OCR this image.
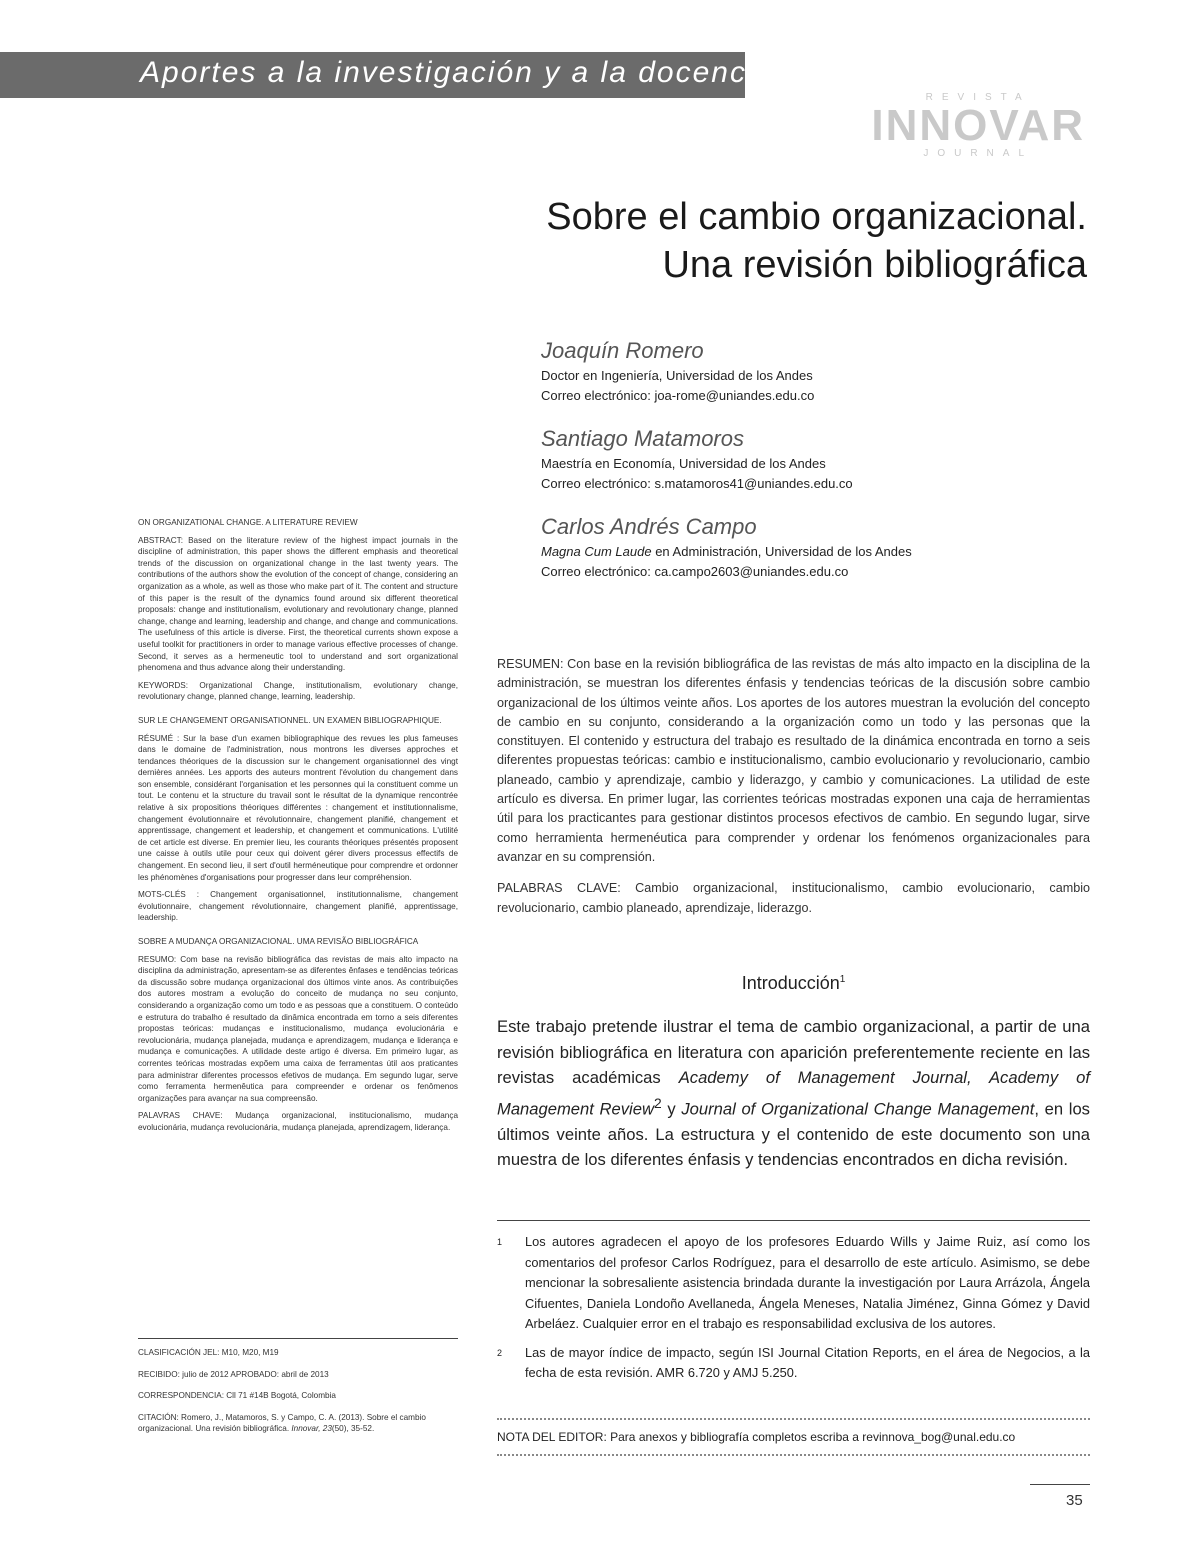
Aportes a la investigación y a la docencia
REVISTA
INNOVAR
JOURNAL
Sobre el cambio organizacional.
Una revisión bibliográfica
Joaquín Romero
Doctor en Ingeniería, Universidad de los Andes
Correo electrónico: joa-rome@uniandes.edu.co
Santiago Matamoros
Maestría en Economía, Universidad de los Andes
Correo electrónico: s.matamoros41@uniandes.edu.co
Carlos Andrés Campo
Magna Cum Laude en Administración, Universidad de los Andes
Correo electrónico: ca.campo2603@uniandes.edu.co

RESUMEN: Con base en la revisión bibliográfica de las revistas de más alto impacto en la disciplina de la administración, se muestran los diferentes énfasis y tendencias teóricas de la discusión sobre cambio organizacional de los últimos veinte años. Los aportes de los autores muestran la evolución del concepto de cambio en su conjunto, considerando a la organización como un todo y las personas que la constituyen. El contenido y estructura del trabajo es resultado de la dinámica encontrada en torno a seis diferentes propuestas teóricas: cambio e institucionalismo, cambio evolucionario y revolucionario, cambio planeado, cambio y aprendizaje, cambio y liderazgo, y cambio y comunicaciones. La utilidad de este artículo es diversa. En primer lugar, las corrientes teóricas mostradas exponen una caja de herramientas útil para los practicantes para gestionar distintos procesos efectivos de cambio. En segundo lugar, sirve como herramienta hermenéutica para comprender y ordenar los fenómenos organizacionales para avanzar en su comprensión.

PALABRAS CLAVE: Cambio organizacional, institucionalismo, cambio evolucionario, cambio revolucionario, cambio planeado, aprendizaje, liderazgo.

Introducción$^1$

Este trabajo pretende ilustrar el tema de cambio organizacional, a partir de una revisión bibliográfica en literatura con aparición preferentemente reciente en las revistas académicas Academy of Management Journal, Academy of Management Review$^2$ y Journal of Organizational Change Management, en los últimos veinte años. La estructura y el contenido de este documento son una muestra de los diferentes énfasis y tendencias encontrados en dicha revisión.

1	Los autores agradecen el apoyo de los profesores Eduardo Wills y Jaime Ruiz, así como los comentarios del profesor Carlos Rodríguez, para el desarrollo de este artículo. Asimismo, se debe mencionar la sobresaliente asistencia brindada durante la investigación por Laura Arrázola, Ángela Cifuentes, Daniela Londoño Avellaneda, Ángela Meneses, Natalia Jiménez, Ginna Gómez y David Arbeláez. Cualquier error en el trabajo es responsabilidad exclusiva de los autores.
2	Las de mayor índice de impacto, según ISI Journal Citation Reports, en el área de Negocios, a la fecha de esta revisión. AMR 6.720 y AMJ 5.250.
NOTA DEL EDITOR: Para anexos y bibliografía completos escriba a revinnova_bog@unal.edu.co
35

ON ORGANIZATIONAL CHANGE. A LITERATURE REVIEW

ABSTRACT: Based on the literature review of the highest impact journals in the discipline of administration, this paper shows the different emphasis and theoretical trends of the discussion on organizational change in the last twenty years. The contributions of the authors show the evolution of the concept of change, considering an organization as a whole, as well as those who make part of it. The content and structure of this paper is the result of the dynamics found around six different theoretical proposals: change and institutionalism, evolutionary and revolutionary change, planned change, change and learning, leadership and change, and change and communications. The usefulness of this article is diverse. First, the theoretical currents shown expose a useful toolkit for practitioners in order to manage various effective processes of change. Second, it serves as a hermeneutic tool to understand and sort organizational phenomena and thus advance along their understanding.

KEYWORDS: Organizational Change, institutionalism, evolutionary change, revolutionary change, planned change, learning, leadership.

SUR LE CHANGEMENT ORGANISATIONNEL. UN EXAMEN BIBLIOGRAPHIQUE.

RÉSUMÉ : Sur la base d'un examen bibliographique des revues les plus fameuses dans le domaine de l'administration, nous montrons les diverses approches et tendances théoriques de la discussion sur le changement organisationnel des vingt dernières années. Les apports des auteurs montrent l'évolution du changement dans son ensemble, considérant l'organisation et les personnes qui la constituent comme un tout. Le contenu et la structure du travail sont le résultat de la dynamique rencontrée relative à six propositions théoriques différentes : changement et institutionnalisme, changement évolutionnaire et révolutionnaire, changement planifié, changement et apprentissage, changement et leadership, et changement et communications. L'utilité de cet article est diverse. En premier lieu, les courants théoriques présentés proposent une caisse à outils utile pour ceux qui doivent gérer divers processus effectifs de changement. En second lieu, il sert d'outil herméneutique pour comprendre et ordonner les phénomènes d'organisations pour progresser dans leur compréhension.

MOTS-CLÉS : Changement organisationnel, institutionnalisme, changement évolutionnaire, changement révolutionnaire, changement planifié, apprentissage, leadership.

SOBRE A MUDANÇA ORGANIZACIONAL. UMA REVISÃO BIBLIOGRÁFICA

RESUMO: Com base na revisão bibliográfica das revistas de mais alto impacto na disciplina da administração, apresentam-se as diferentes ênfases e tendências teóricas da discussão sobre mudança organizacional dos últimos vinte anos. As contribuições dos autores mostram a evolução do conceito de mudança no seu conjunto, considerando a organização como um todo e as pessoas que a constituem. O conteúdo e estrutura do trabalho é resultado da dinâmica encontrada em torno a seis diferentes propostas teóricas: mudanças e institucionalismo, mudança evolucionária e revolucionária, mudança planejada, mudança e aprendizagem, mudança e liderança e mudança e comunicações. A utilidade deste artigo é diversa. Em primeiro lugar, as correntes teóricas mostradas expõem uma caixa de ferramentas útil aos praticantes para administrar diferentes processos efetivos de mudança. Em segundo lugar, serve como ferramenta hermenêutica para compreender e ordenar os fenômenos organizações para avançar na sua compreensão.

PALAVRAS CHAVE: Mudança organizacional, institucionalismo, mudança evolucionária, mudança revolucionária, mudança planejada, aprendizagem, liderança.

CLASIFICACIÓN JEL: M10, M20, M19

RECIBIDO: julio de 2012 APROBADO: abril de 2013

CORRESPONDENCIA: Cll 71 #14B Bogotá, Colombia

CITACIÓN: Romero, J., Matamoros, S. y Campo, C. A. (2013). Sobre el cambio organizacional. Una revisión bibliográfica. Innovar, 23(50), 35-52.
